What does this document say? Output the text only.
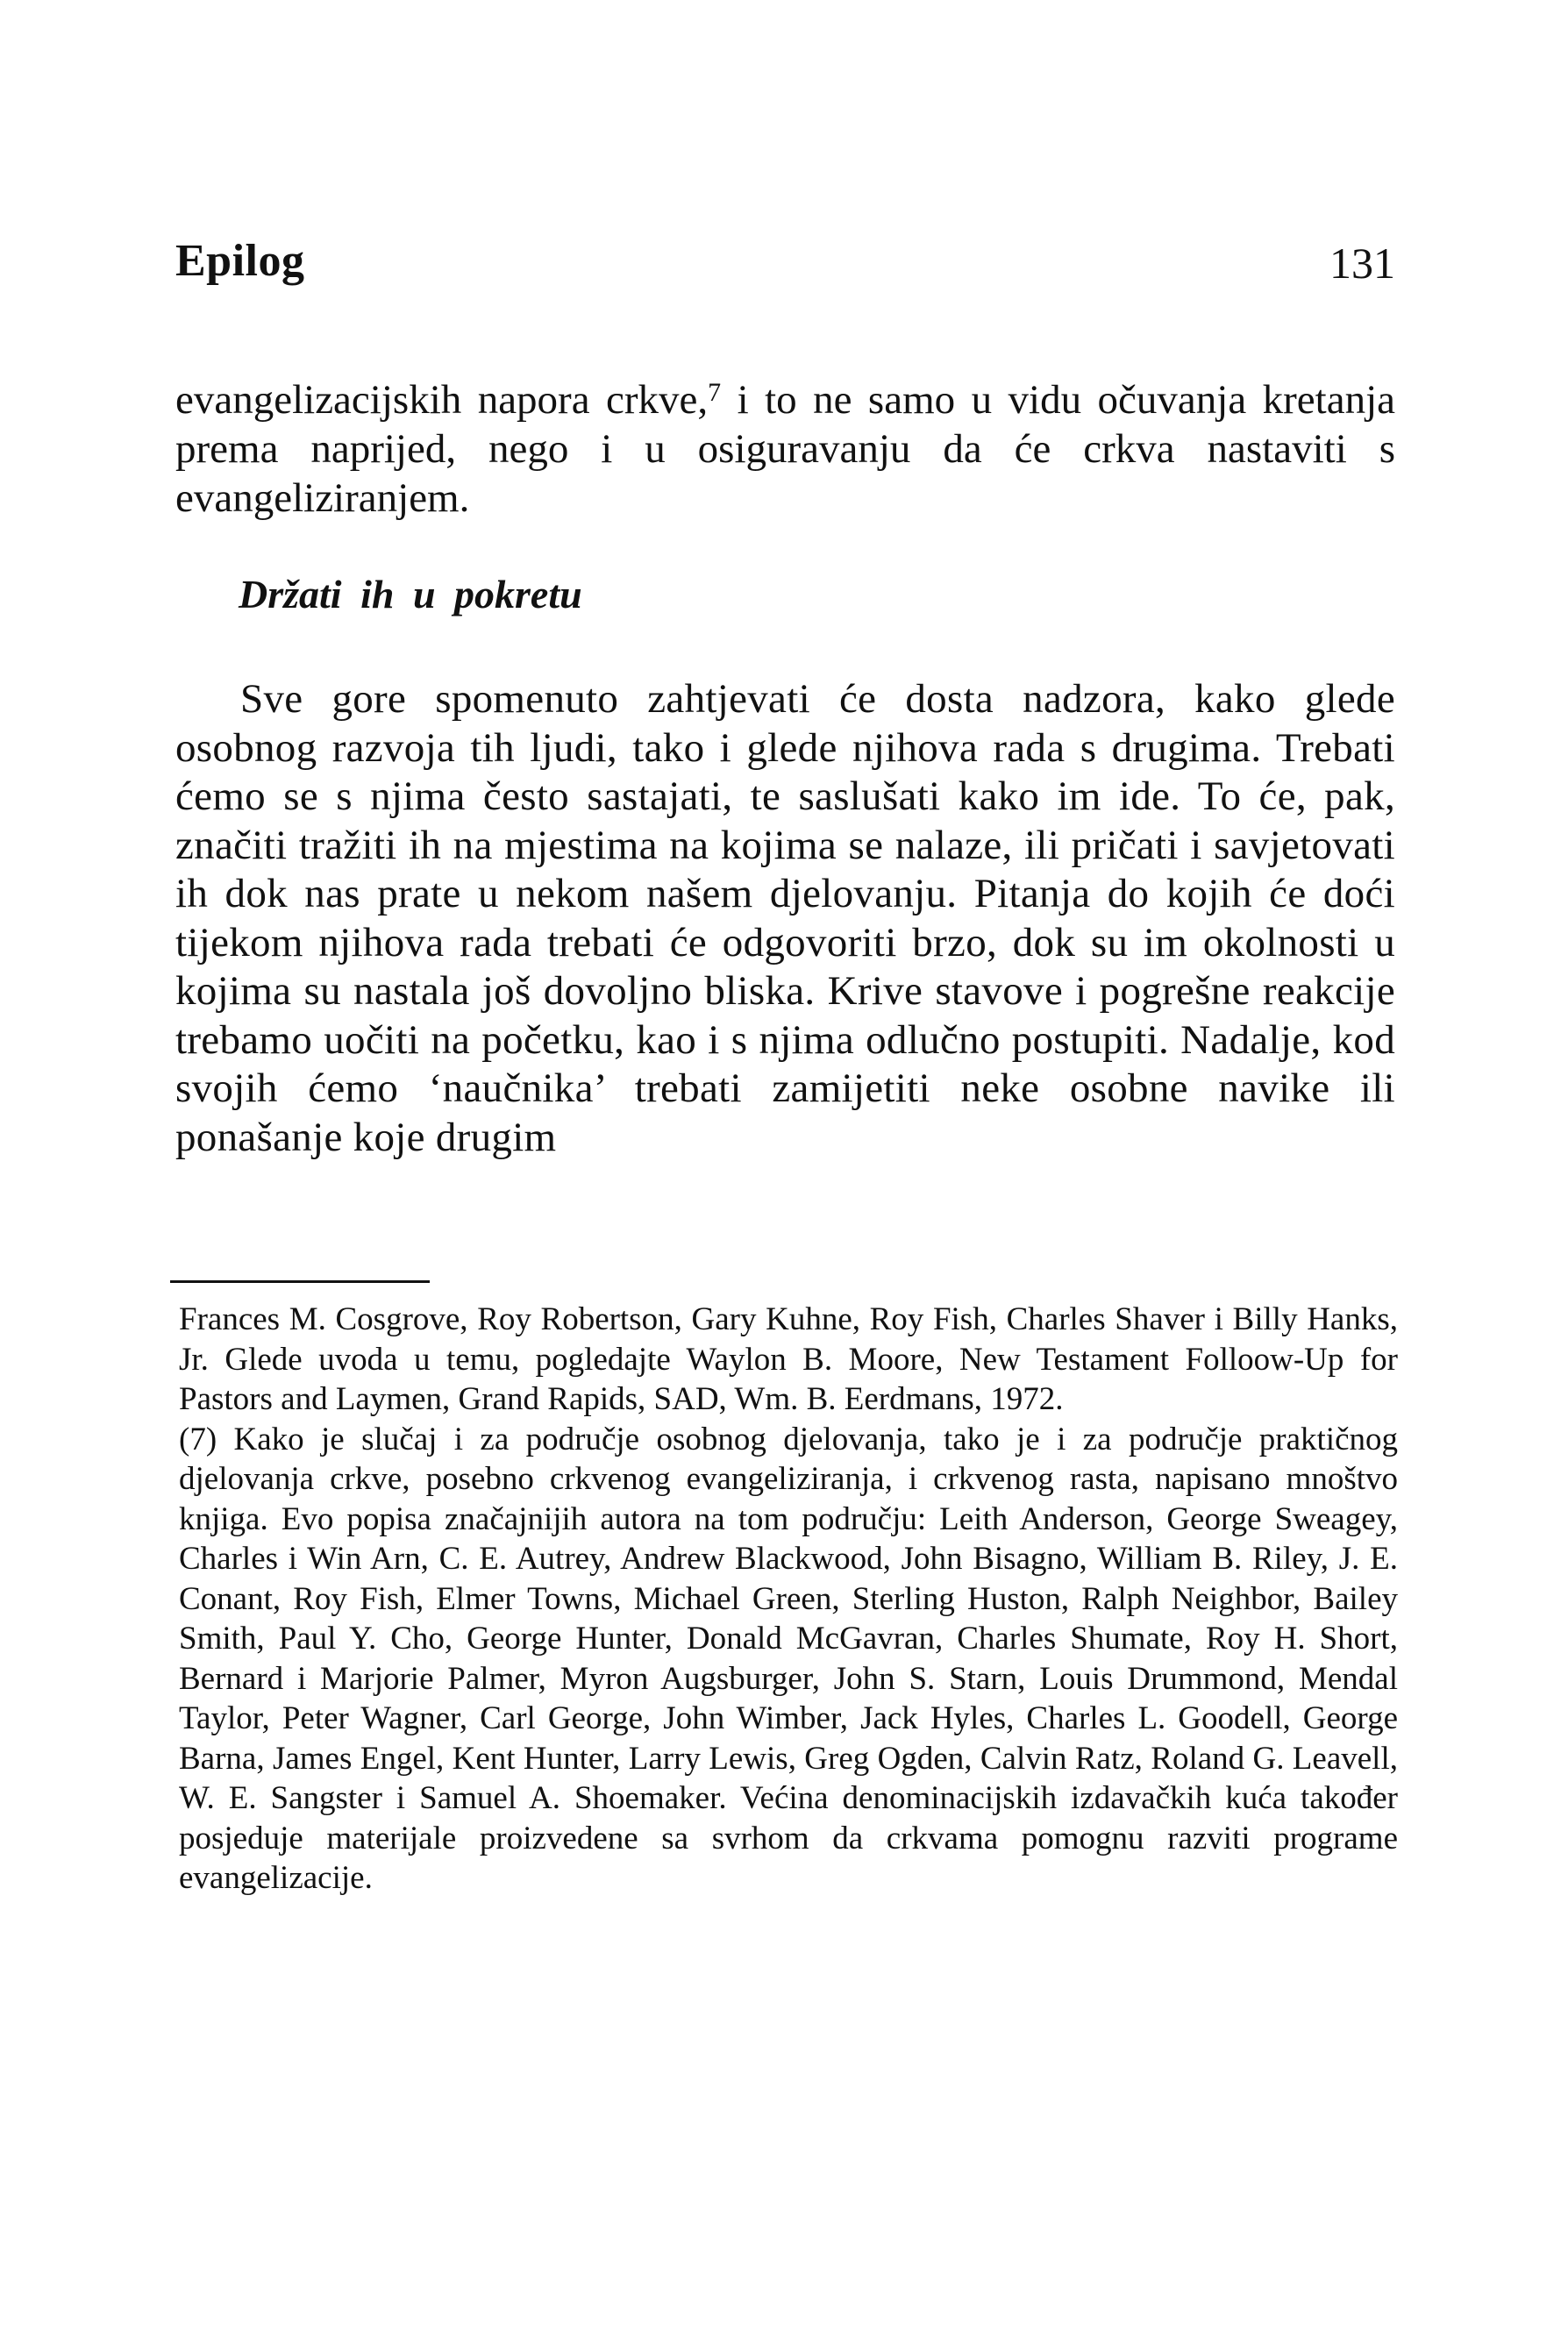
Epilog	131

evangelizacijskih napora crkve,$^7$ i to ne samo u vidu očuvanja kretanja prema naprijed, nego i u osiguravanju da će crkva nastaviti s evangeliziranjem.

Držati ih u pokretu

Sve gore spomenuto zahtjevati će dosta nadzora, kako glede osobnog razvoja tih ljudi, tako i glede njihova rada s drugima. Trebati ćemo se s njima često sastajati, te saslušati kako im ide. To će, pak, značiti tražiti ih na mjestima na kojima se nalaze, ili pričati i savjetovati ih dok nas prate u nekom našem djelovanju. Pitanja do kojih će doći tijekom njihova rada trebati će odgovoriti brzo, dok su im okolnosti u kojima su nastala još dovoljno bliska. Krive stavove i pogrešne reakcije trebamo uočiti na početku, kao i s njima odlučno postupiti. Nadalje, kod svojih ćemo ‘naučnika’ trebati zamijetiti neke osobne navike ili ponašanje koje drugim

Frances M. Cosgrove, Roy Robertson, Gary Kuhne, Roy Fish, Charles Shaver i Billy Hanks, Jr. Glede uvoda u temu, pogledajte Waylon B. Moore, New Testament Folloow-Up for Pastors and Laymen, Grand Rapids, SAD, Wm. B. Eerdmans, 1972.

(7) Kako je slučaj i za područje osobnog djelovanja, tako je i za područje praktičnog djelovanja crkve, posebno crkvenog evangeliziranja, i crkvenog rasta, napisano mnoštvo knjiga. Evo popisa značajnijih autora na tom području: Leith Anderson, George Sweagey, Charles i Win Arn, C. E. Autrey, Andrew Blackwood, John Bisagno, William B. Riley, J. E. Conant, Roy Fish, Elmer Towns, Michael Green, Sterling Huston, Ralph Neighbor, Bailey Smith, Paul Y. Cho, George Hunter, Donald McGavran, Charles Shumate, Roy H. Short, Bernard i Marjorie Palmer, Myron Augsburger, John S. Starn, Louis Drummond, Mendal Taylor, Peter Wagner, Carl George, John Wimber, Jack Hyles, Charles L. Goodell, George Barna, James Engel, Kent Hunter, Larry Lewis, Greg Ogden, Calvin Ratz, Roland G. Leavell, W. E. Sangster i Samuel A. Shoemaker. Većina denominacijskih izdavačkih kuća također posjeduje materijale proizvedene sa svrhom da crkvama pomognu razviti programe evangelizacije.
